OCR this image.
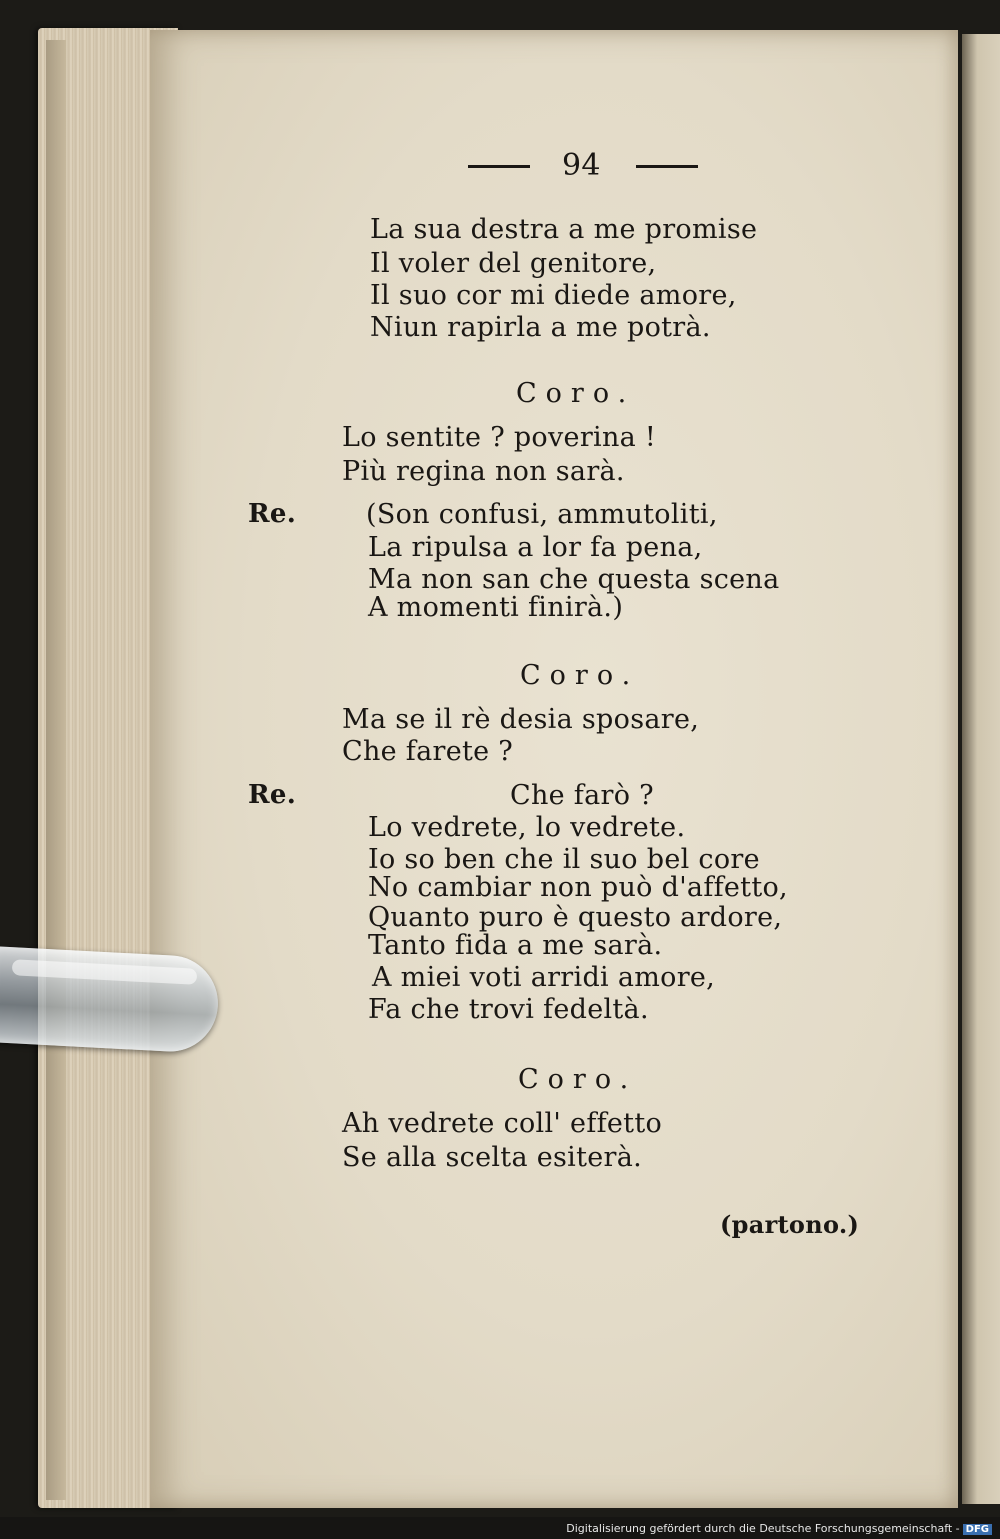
94
La sua destra a me promise
Il voler del genitore,
Il suo cor mi diede amore,
Niun rapirla a me potrà.
Coro.
Lo sentite ? poverina !
Più regina non sarà.
Re.	(Son confusi, ammutoliti,
La ripulsa a lor fa pena,
Ma non san che questa scena
A momenti finirà.)
Coro.
Ma se il rè desia sposare,
Che farete ?
Re.	Che farò ?
Lo vedrete, lo vedrete.
Io so ben che il suo bel core
No cambiar non può d'affetto,
Quanto puro è questo ardore,
Tanto fida a me sarà.
A miei voti arridi amore,
Fa che trovi fedeltà.
Coro.
Ah vedrete coll' effetto
Se alla scelta esiterà.
(partono.)
Digitalisierung gefördert durch die Deutsche Forschungsgemeinschaft - DFG
